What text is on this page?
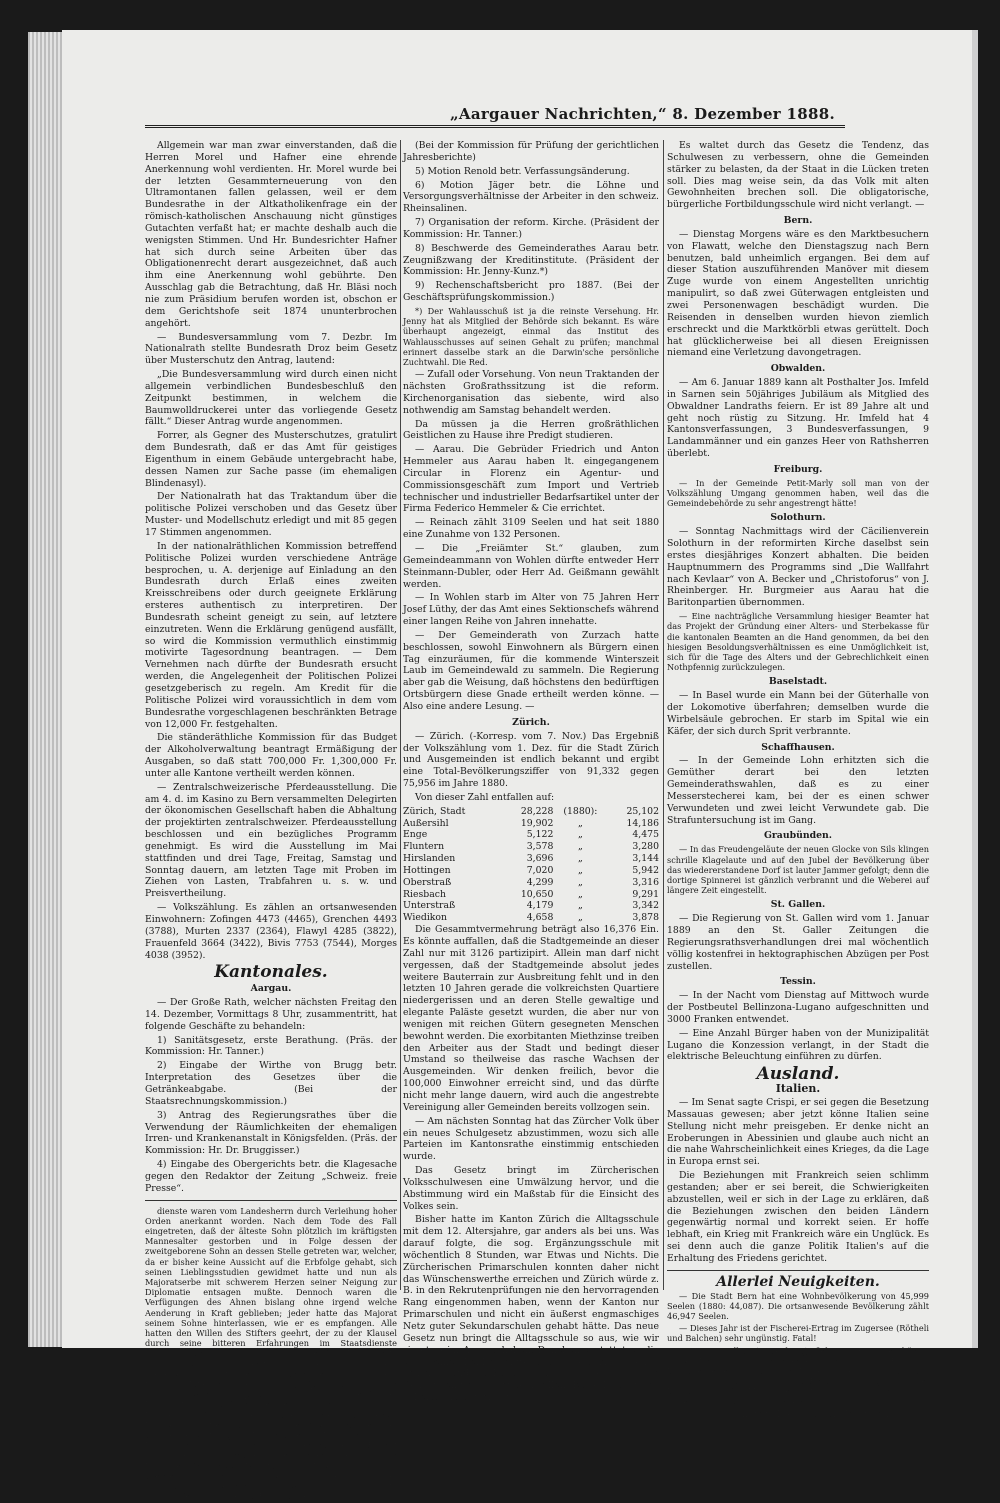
„Aargauer Nachrichten,“ 8. Dezember 1888.

Allgemein war man zwar einverstanden, daß die Herren Morel und Hafner eine ehrende Anerkennung wohl verdienten. Hr. Morel wurde bei der letzten Gesammterneuerung von den Ultramontanen fallen gelassen, weil er dem Bundesrathe in der Altkatholikenfrage ein der römisch-katholischen Anschauung nicht günstiges Gutachten verfaßt hat; er machte deshalb auch die wenigsten Stimmen. Und Hr. Bundesrichter Hafner hat sich durch seine Arbeiten über das Obligationenrecht derart ausgezeichnet, daß auch ihm eine Anerkennung wohl gebührte. Den Ausschlag gab die Betrachtung, daß Hr. Bläsi noch nie zum Präsidium berufen worden ist, obschon er dem Gerichtshofe seit 1874 ununterbrochen angehört.

— Bundesversammlung vom 7. Dezbr. Im Nationalrath stellte Bundesrath Droz beim Gesetz über Musterschutz den Antrag, lautend:

„Die Bundesversammlung wird durch einen nicht allgemein verbindlichen Bundesbeschluß den Zeitpunkt bestimmen, in welchem die Baumwolldruckerei unter das vorliegende Gesetz fällt.“ Dieser Antrag wurde angenommen.

Forrer, als Gegner des Musterschutzes, gratulirt dem Bundesrath, daß er das Amt für geistiges Eigenthum in einem Gebäude untergebracht habe, dessen Namen zur Sache passe (im ehemaligen Blindenasyl).

Der Nationalrath hat das Traktandum über die politische Polizei verschoben und das Gesetz über Muster- und Modellschutz erledigt und mit 85 gegen 17 Stimmen angenommen.

In der nationalräthlichen Kommission betreffend Politische Polizei wurden verschiedene Anträge besprochen, u. A. derjenige auf Einladung an den Bundesrath durch Erlaß eines zweiten Kreisschreibens oder durch geeignete Erklärung ersteres authentisch zu interpretiren. Der Bundesrath scheint geneigt zu sein, auf letztere einzutreten. Wenn die Erklärung genügend ausfällt, so wird die Kommission vermuthlich einstimmig motivirte Tagesordnung beantragen. — Dem Vernehmen nach dürfte der Bundesrath ersucht werden, die Angelegenheit der Politischen Polizei gesetzgeberisch zu regeln. Am Kredit für die Politische Polizei wird voraussichtlich in dem vom Bundesrathe vorgeschlagenen beschränkten Betrage von 12,000 Fr. festgehalten.

Die ständeräthliche Kommission für das Budget der Alkoholverwaltung beantragt Ermäßigung der Ausgaben, so daß statt 700,000 Fr. 1,300,000 Fr. unter alle Kantone vertheilt werden können.

— Zentralschweizerische Pferdeausstellung. Die am 4. d. im Kasino zu Bern versammelten Delegirten der ökonomischen Gesellschaft haben die Abhaltung der projektirten zentralschweizer. Pferdeausstellung beschlossen und ein bezügliches Programm genehmigt. Es wird die Ausstellung im Mai stattfinden und drei Tage, Freitag, Samstag und Sonntag dauern, am letzten Tage mit Proben im Ziehen von Lasten, Trabfahren u. s. w. und Preisvertheilung.

— Volkszählung. Es zählen an ortsanwesenden Einwohnern: Zofingen 4473 (4465), Grenchen 4493 (3788), Murten 2337 (2364), Flawyl 4285 (3822), Frauenfeld 3664 (3422), Bivis 7753 (7544), Morges 4038 (3952).

Kantonales.
Aargau.

— Der Große Rath, welcher nächsten Freitag den 14. Dezember, Vormittags 8 Uhr, zusammentritt, hat folgende Geschäfte zu behandeln:

1) Sanitätsgesetz, erste Berathung. (Präs. der Kommission: Hr. Tanner.)

2) Eingabe der Wirthe von Brugg betr. Interpretation des Gesetzes über die Getränkeabgabe. (Bei der Staatsrechnungskommission.)

3) Antrag des Regierungsrathes über die Verwendung der Räumlichkeiten der ehemaligen Irren- und Krankenanstalt in Königsfelden. (Präs. der Kommission: Hr. Dr. Bruggisser.)

4) Eingabe des Obergerichts betr. die Klagesache gegen den Redaktor der Zeitung „Schweiz. freie Presse“.

dienste waren vom Landesherrn durch Verleihung hoher Orden anerkannt worden. Nach dem Tode des Fall eingetreten, daß der älteste Sohn plötzlich im kräftigsten Mannesalter gestorben und in Folge dessen der zweitgeborene Sohn an dessen Stelle getreten war, welcher, da er bisher keine Aussicht auf die Erbfolge gehabt, sich seinen Lieblingsstudien gewidmet hatte und nun als Majoratserbe mit schwerem Herzen seiner Neigung zur Diplomatie entsagen mußte. Dennoch waren die Verfügungen des Ahnen bislang ohne irgend welche Aenderung in Kraft geblieben; jeder hatte das Majorat seinem Sohne hinterlassen, wie er es empfangen. Alle hatten den Willen des Stifters geehrt, der zu der Klausel durch seine bitteren Erfahrungen im Staatsdienste bewogen wurde. Bis auf den Vater des jetzigen Erben hatte sich der Sohn den Beruf entschieden, und mit dem siebenzehnten Sitte seines Hauses gemäß, an einem fremden Hofe Träger eines hohen, diplomatischen Amtes gewesen, war dann plötzlich durch die hinterlistigen Machinationen seiner Feinde gestürzt und vom Landesherrn in Ungnade entlassen worden. Voll tiefster Erbitterung hatte er sich auf seine Güter zurückgezogen und bei der Stiftung des Majorats seinen Nachkommen zur Pflicht gemacht, dem Staatsdienste fern zu bleiben. Bis auf den vorletzten Majoratsherrn, dem Vater Grafen, war das Erbe stets im direkter Nachfolge vom Vater auf den Sohn übergegangen. Graf Kuno hatte jedoch keinen männlichen Namenserben hinterlassen und so war nach ihm die nächste Nebenlinie in Erbfolge des Besitzes getreten.

(Bei der Kommission für Prüfung der gerichtlichen Jahresberichte)

5) Motion Renold betr. Verfassungsänderung.

6) Motion Jäger betr. die Löhne und Versorgungsverhältnisse der Arbeiter in den schweiz. Rheinsalinen.

7) Organisation der reform. Kirche. (Präsident der Kommission: Hr. Tanner.)

8) Beschwerde des Gemeinderathes Aarau betr. Zeugnißzwang der Kreditinstitute. (Präsident der Kommission: Hr. Jenny-Kunz.*)

9) Rechenschaftsbericht pro 1887. (Bei der Geschäftsprüfungskommission.)

*) Der Wahlausschuß ist ja die reinste Versehung. Hr. Jenny hat als Mitglied der Behörde sich bekannt. Es wäre überhaupt angezeigt, einmal das Institut des Wahlausschusses auf seinen Gehalt zu prüfen; manchmal erinnert dasselbe stark an die Darwin'sche persönliche Zuchtwahl. Die Red.

— Zufall oder Vorsehung. Von neun Traktanden der nächsten Großrathssitzung ist die reform. Kirchenorganisation das siebente, wird also nothwendig am Samstag behandelt werden.

Da müssen ja die Herren großräthlichen Geistlichen zu Hause ihre Predigt studieren.

— Aarau. Die Gebrüder Friedrich und Anton Hemmeler aus Aarau haben lt. eingegangenem Circular in Florenz ein Agentur- und Commissionsgeschäft zum Import und Vertrieb technischer und industrieller Bedarfsartikel unter der Firma Federico Hemmeler & Cie errichtet.

— Reinach zählt 3109 Seelen und hat seit 1880 eine Zunahme von 132 Personen.

— Die „Freiämter St.“ glauben, zum Gemeindeammann von Wohlen dürfte entweder Herr Steinmann-Dubler, oder Herr Ad. Geißmann gewählt werden.

— In Wohlen starb im Alter von 75 Jahren Herr Josef Lüthy, der das Amt eines Sektionschefs während einer langen Reihe von Jahren innehatte.

— Der Gemeinderath von Zurzach hatte beschlossen, sowohl Einwohnern als Bürgern einen Tag einzuräumen, für die kommende Winterszeit Laub im Gemeindewald zu sammeln. Die Regierung aber gab die Weisung, daß höchstens den bedürftigen Ortsbürgern diese Gnade ertheilt werden könne. — Also eine andere Lesung. —

Zürich.

— Zürich. (-Korresp. vom 7. Nov.) Das Ergebniß der Volkszählung vom 1. Dez. für die Stadt Zürich und Ausgemeinden ist endlich bekannt und ergibt eine Total-Bevölkerungsziffer von 91,332 gegen 75,956 im Jahre 1880.

Von dieser Zahl entfallen auf:

Zürich, Stadt	28,228	(1880):	25,102
Außersihl	19,902	„	14,186
Enge	5,122	„	4,475
Fluntern	3,578	„	3,280
Hirslanden	3,696	„	3,144
Hottingen	7,020	„	5,942
Oberstraß	4,299	„	3,316
Riesbach	10,650	„	9,291
Unterstraß	4,179	„	3,342
Wiedikon	4,658	„	3,878

Die Gesammtvermehrung beträgt also 16,376 Ein. Es könnte auffallen, daß die Stadtgemeinde an dieser Zahl nur mit 3126 partizipirt. Allein man darf nicht vergessen, daß der Stadtgemeinde absolut jedes weitere Bauterrain zur Ausbreitung fehlt und in den letzten 10 Jahren gerade die volkreichsten Quartiere niedergerissen und an deren Stelle gewaltige und elegante Paläste gesetzt wurden, die aber nur von wenigen mit reichen Gütern gesegneten Menschen bewohnt werden. Die exorbitanten Miethzinse treiben den Arbeiter aus der Stadt und bedingt dieser Umstand so theilweise das rasche Wachsen der Ausgemeinden. Wir denken freilich, bevor die 100,000 Einwohner erreicht sind, und das dürfte nicht mehr lange dauern, wird auch die angestrebte Vereinigung aller Gemeinden bereits vollzogen sein.

— Am nächsten Sonntag hat das Zürcher Volk über ein neues Schulgesetz abzustimmen, wozu sich alle Parteien im Kantonsrathe einstimmig entschieden wurde.

Das Gesetz bringt im Zürcherischen Volksschulwesen eine Umwälzung hervor, und die Abstimmung wird ein Maßstab für die Einsicht des Volkes sein.

Bisher hatte im Kanton Zürich die Alltagsschule mit dem 12. Altersjahre, gar anders als bei uns. Was darauf folgte, die sog. Ergänzungsschule mit wöchentlich 8 Stunden, war Etwas und Nichts. Die Zürcherischen Primarschulen konnten daher nicht das Wünschenswerthe erreichen und Zürich würde z. B. in den Rekrutenprüfungen nie den hervorragenden Rang eingenommen haben, wenn der Kanton nur Primarschulen und nicht ein äußerst engmaschiges Netz guter Sekundarschulen gehabt hätte. Das neue Gesetz nun bringt die Alltagsschule so aus, wie wir sie etwa im Aargau haben. Daneben gestattet es die Wahlfreiheit bei Lehrmittel und Schreibmaterialien in Primar- und Sekundarschulen, ohne daß die Gemeinden verhindert sein sollen. Es verlängert den Arbeitsschulunterricht.

Es waltet durch das Gesetz die Tendenz, das Schulwesen zu verbessern, ohne die Gemeinden stärker zu belasten, da der Staat in die Lücken treten soll. Dies mag weise sein, da das Volk mit alten Gewohnheiten brechen soll. Die obligatorische, bürgerliche Fortbildungsschule wird nicht verlangt. —

Bern.

— Dienstag Morgens wäre es den Marktbesuchern von Flawatt, welche den Dienstagszug nach Bern benutzen, bald unheimlich ergangen. Bei dem auf dieser Station auszuführenden Manöver mit diesem Zuge wurde von einem Angestellten unrichtig manipulirt, so daß zwei Güterwagen entgleisten und zwei Personenwagen beschädigt wurden. Die Reisenden in denselben wurden hievon ziemlich erschreckt und die Marktkörbli etwas gerüttelt. Doch hat glücklicherweise bei all diesen Ereignissen niemand eine Verletzung davongetragen.

Obwalden.

— Am 6. Januar 1889 kann alt Posthalter Jos. Imfeld in Sarnen sein 50jähriges Jubiläum als Mitglied des Obwaldner Landraths feiern. Er ist 89 Jahre alt und geht noch rüstig zu Sitzung. Hr. Imfeld hat 4 Kantonsverfassungen, 3 Bundesverfassungen, 9 Landammänner und ein ganzes Heer von Rathsherren überlebt.

Freiburg.

— In der Gemeinde Petit-Marly soll man von der Volkszählung Umgang genommen haben, weil das die Gemeindebehörde zu sehr angestrengt hätte!

Solothurn.

— Sonntag Nachmittags wird der Cäcilienverein Solothurn in der reformirten Kirche daselbst sein erstes diesjähriges Konzert abhalten. Die beiden Hauptnummern des Programms sind „Die Wallfahrt nach Kevlaar“ von A. Becker und „Christoforus“ von J. Rheinberger. Hr. Burgmeier aus Aarau hat die Baritonpartien übernommen.

— Eine nachträgliche Versammlung hiesiger Beamter hat das Projekt der Gründung einer Alters- und Sterbekasse für die kantonalen Beamten an die Hand genommen, da bei den hiesigen Besoldungsverhältnissen es eine Unmöglichkeit ist, sich für die Tage des Alters und der Gebrechlichkeit einen Nothpfennig zurückzulegen.

Baselstadt.

— In Basel wurde ein Mann bei der Güterhalle von der Lokomotive überfahren; demselben wurde die Wirbelsäule gebrochen. Er starb im Spital wie ein Käfer, der sich durch Sprit verbrannte.

Schaffhausen.

— In der Gemeinde Lohn erhitzten sich die Gemüther derart bei den letzten Gemeinderathswahlen, daß es zu einer Messerstecherei kam, bei der es einen schwer Verwundeten und zwei leicht Verwundete gab. Die Strafuntersuchung ist im Gang.

Graubünden.

— In das Freudengeläute der neuen Glocke von Sils klingen schrille Klagelaute und auf den Jubel der Bevölkerung über das wiedererstandene Dorf ist lauter Jammer gefolgt; denn die dortige Spinnerei ist gänzlich verbrannt und die Weberei auf längere Zeit eingestellt.

St. Gallen.

— Die Regierung von St. Gallen wird vom 1. Januar 1889 an den St. Galler Zeitungen die Regierungsrathsverhandlungen drei mal wöchentlich völlig kostenfrei in hektographischen Abzügen per Post zustellen.

Tessin.

— In der Nacht vom Dienstag auf Mittwoch wurde der Postbeutel Bellinzona-Lugano aufgeschnitten und 3000 Franken entwendet.

— Eine Anzahl Bürger haben von der Munizipalität Lugano die Konzession verlangt, in der Stadt die elektrische Beleuchtung einführen zu dürfen.

Ausland.
Italien.

— Im Senat sagte Crispi, er sei gegen die Besetzung Massauas gewesen; aber jetzt könne Italien seine Stellung nicht mehr preisgeben. Er denke nicht an Eroberungen in Abessinien und glaube auch nicht an die nahe Wahrscheinlichkeit eines Krieges, da die Lage in Europa ernst sei.

Die Beziehungen mit Frankreich seien schlimm gestanden; aber er sei bereit, die Schwierigkeiten abzustellen, weil er sich in der Lage zu erklären, daß die Beziehungen zwischen den beiden Ländern gegenwärtig normal und korrekt seien. Er hoffe lebhaft, ein Krieg mit Frankreich wäre ein Unglück. Es sei denn auch die ganze Politik Italien's auf die Erhaltung des Friedens gerichtet.

Allerlei Neuigkeiten.

— Die Stadt Bern hat eine Wohnbevölkerung von 45,999 Seelen (1880: 44,087). Die ortsanwesende Bevölkerung zählt 46,947 Seelen.

— Dieses Jahr ist der Fischerei-Ertrag im Zugersee (Rötheli und Balchen) sehr ungünstig. Fatal!

— In Corcelles (Neuenburg) fiel ein Hauseigenthümer letzten Freitag mit einer Laterne in der Hand vom Heustock. Die Laterne zerbrach und das Heu entzündete sich. Das Feuer griff so schnell um sich, daß das Haus vollständig abbrannte. Das unvorsichtige Mannli selbst fand in den Flammen. Eine arme alte Frau wurde leider gerettet.

— In der Nacht vom Dienstag zum Mittwoch
